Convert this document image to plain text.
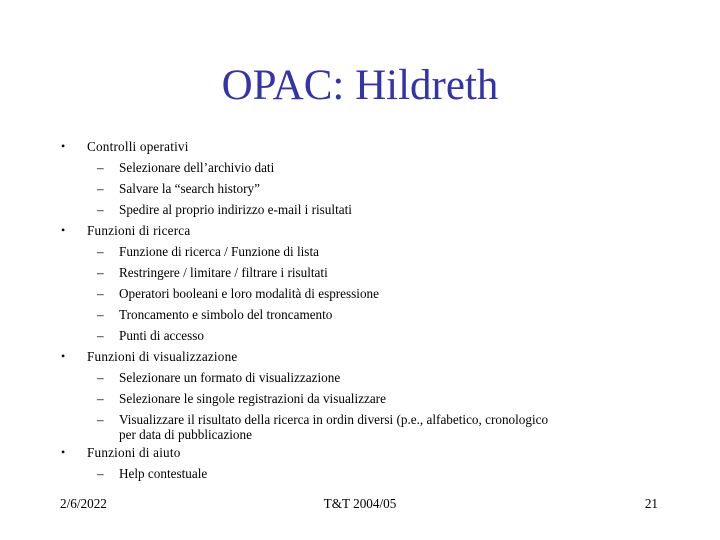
OPAC: Hildreth
• Controlli operativi
– Selezionare dell’archivio dati
– Salvare la “search history”
– Spedire al proprio indirizzo e-mail i risultati
• Funzioni di ricerca
– Funzione di ricerca / Funzione di lista
– Restringere / limitare / filtrare i risultati
– Operatori booleani e loro modalità di espressione
– Troncamento e simbolo del troncamento
– Punti di accesso
• Funzioni di visualizzazione
– Selezionare un formato di visualizzazione
– Selezionare le singole registrazioni da visualizzare
– Visualizzare il risultato della ricerca in ordin diversi (p.e., alfabetico, cronologico
per data di pubblicazione
• Funzioni di aiuto
– Help contestuale
2/6/2022	T&T 2004/05	21
